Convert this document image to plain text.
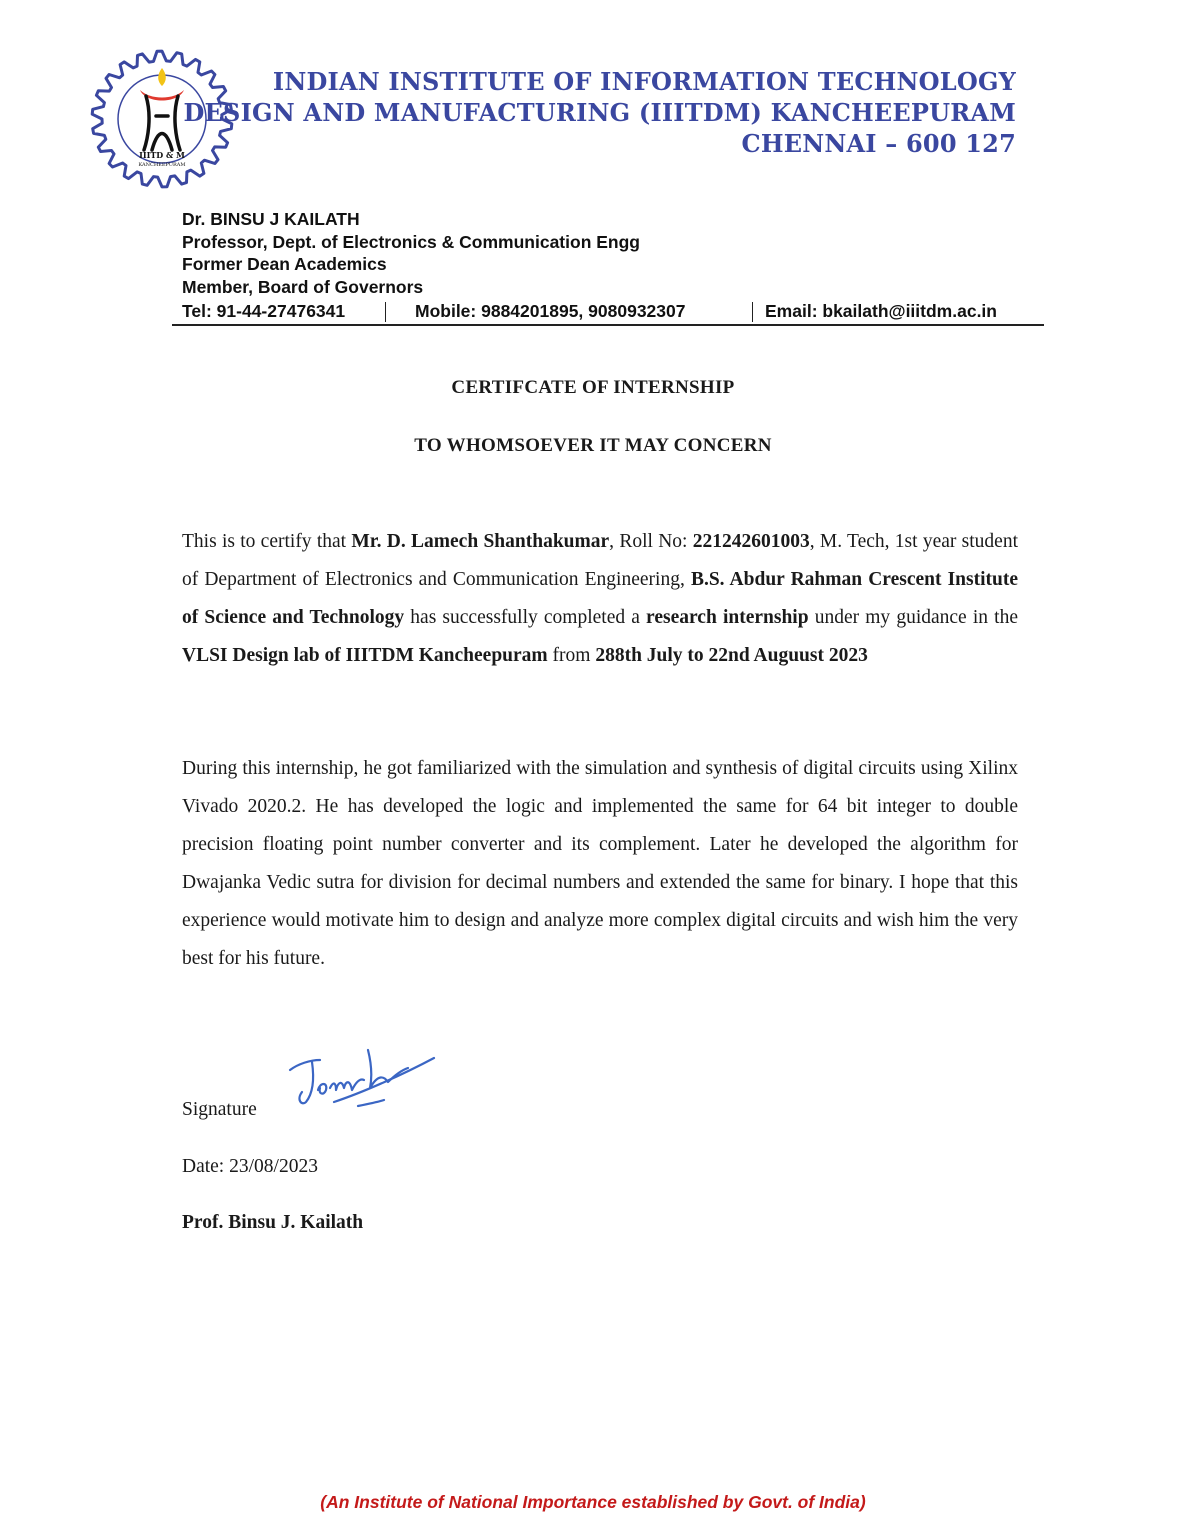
IIITD & M
KANCHEEPURAM
INDIAN INSTITUTE OF INFORMATION TECHNOLOGY
DESIGN AND MANUFACTURING (IIITDM) KANCHEEPURAM
CHENNAI – 600 127
Dr. BINSU J KAILATH
Professor, Dept. of Electronics & Communication Engg
Former Dean Academics
Member, Board of Governors
Tel: 91-44-27476341	Mobile: 9884201895, 9080932307	Email: bkailath@iiitdm.ac.in
CERTIFCATE OF INTERNSHIP
TO WHOMSOEVER IT MAY CONCERN
This is to certify that Mr. D. Lamech Shanthakumar, Roll No: 221242601003, M. Tech, 1st year student of Department of Electronics and Communication Engineering, B.S. Abdur Rahman Crescent Institute of Science and Technology has successfully completed a research internship under my guidance in the VLSI Design lab of IIITDM Kancheepuram from 288th July to 22nd Auguust 2023
During this internship, he got familiarized with the simulation and synthesis of digital circuits using Xilinx Vivado 2020.2. He has developed the logic and implemented the same for 64 bit integer to double precision floating point number converter and its complement. Later he developed the algorithm for Dwajanka Vedic sutra for division for decimal numbers and extended the same for binary. I hope that this experience would motivate him to design and analyze more complex digital circuits and wish him the very best for his future.
Signature
Date: 23/08/2023
Prof. Binsu J. Kailath
(An Institute of National Importance established by Govt. of India)
